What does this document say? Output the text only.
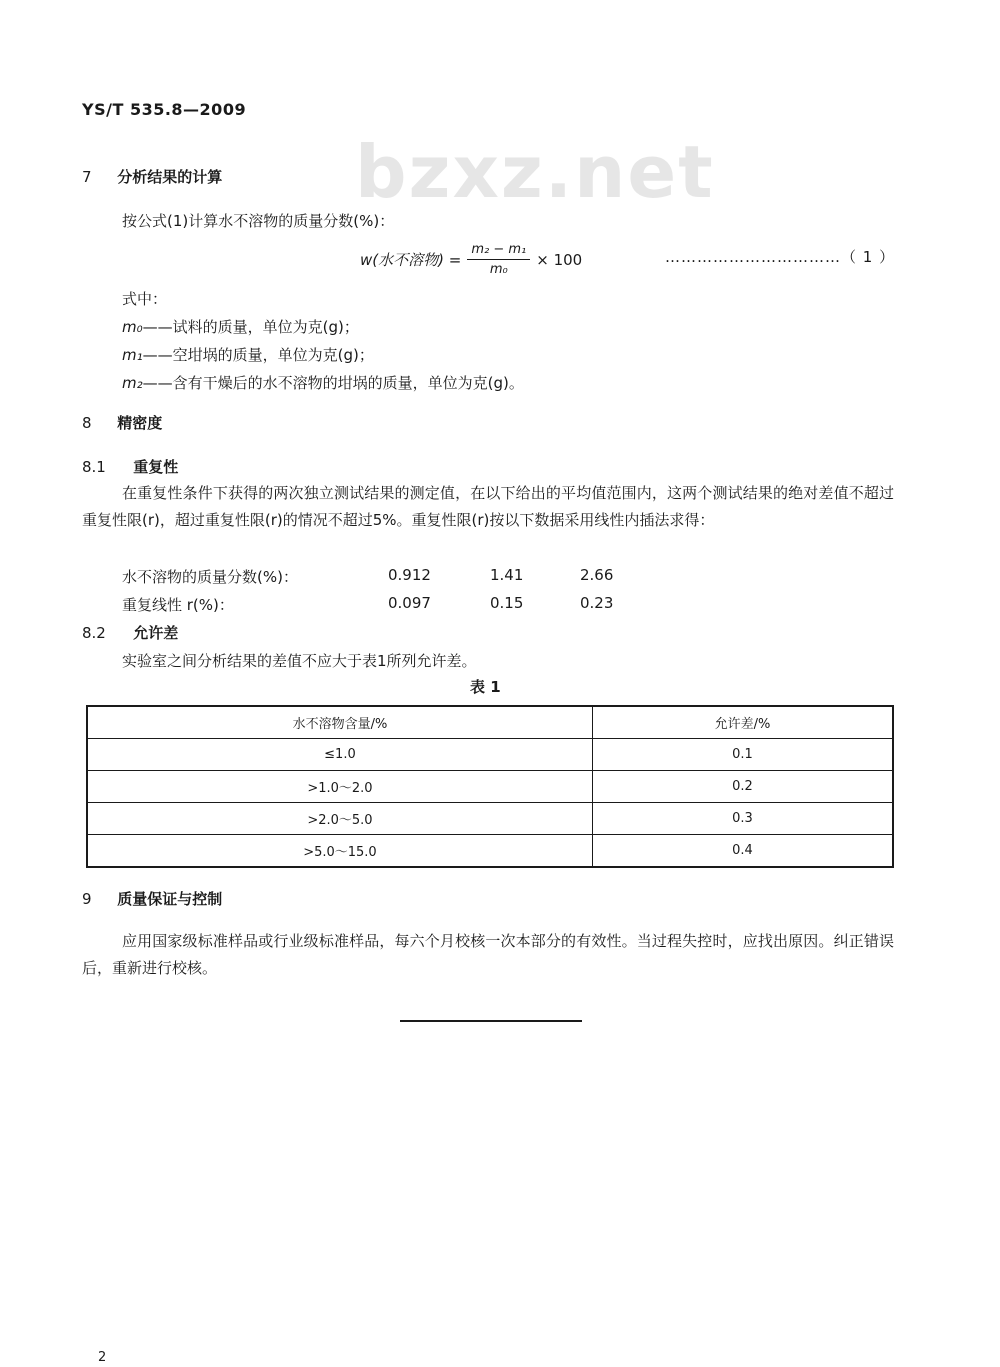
YS/T 535.8—2009
bzxz.net
7 分析结果的计算
按公式(1)计算水不溶物的质量分数(%)：
w(水不溶物) = $\frac{\text{m₂ − m₁}}{\text{m₀}} \times 100$	……………………………（ 1 ）
式中：
m₀——试料的质量，单位为克(g)；
m₁——空坩埚的质量，单位为克(g)；
m₂——含有干燥后的水不溶物的坩埚的质量，单位为克(g)。
8 精密度
8.1 重复性
在重复性条件下获得的两次独立测试结果的测定值，在以下给出的平均值范围内，这两个测试结果的绝对差值不超过重复性限(r)，超过重复性限(r)的情况不超过5%。重复性限(r)按以下数据采用线性内插法求得：
水不溶物的质量分数(%)：	0.912	1.41	2.66
重复线性 r(%)：	0.097	0.15	0.23
8.2 允许差
实验室之间分析结果的差值不应大于表1所列允许差。
表 1
水不溶物含量/%	允许差/%
≤1.0	0.1
>1.0～2.0	0.2
>2.0～5.0	0.3
>5.0～15.0	0.4
9 质量保证与控制
应用国家级标准样品或行业级标准样品，每六个月校核一次本部分的有效性。当过程失控时，应找出原因。纠正错误后，重新进行校核。
2
